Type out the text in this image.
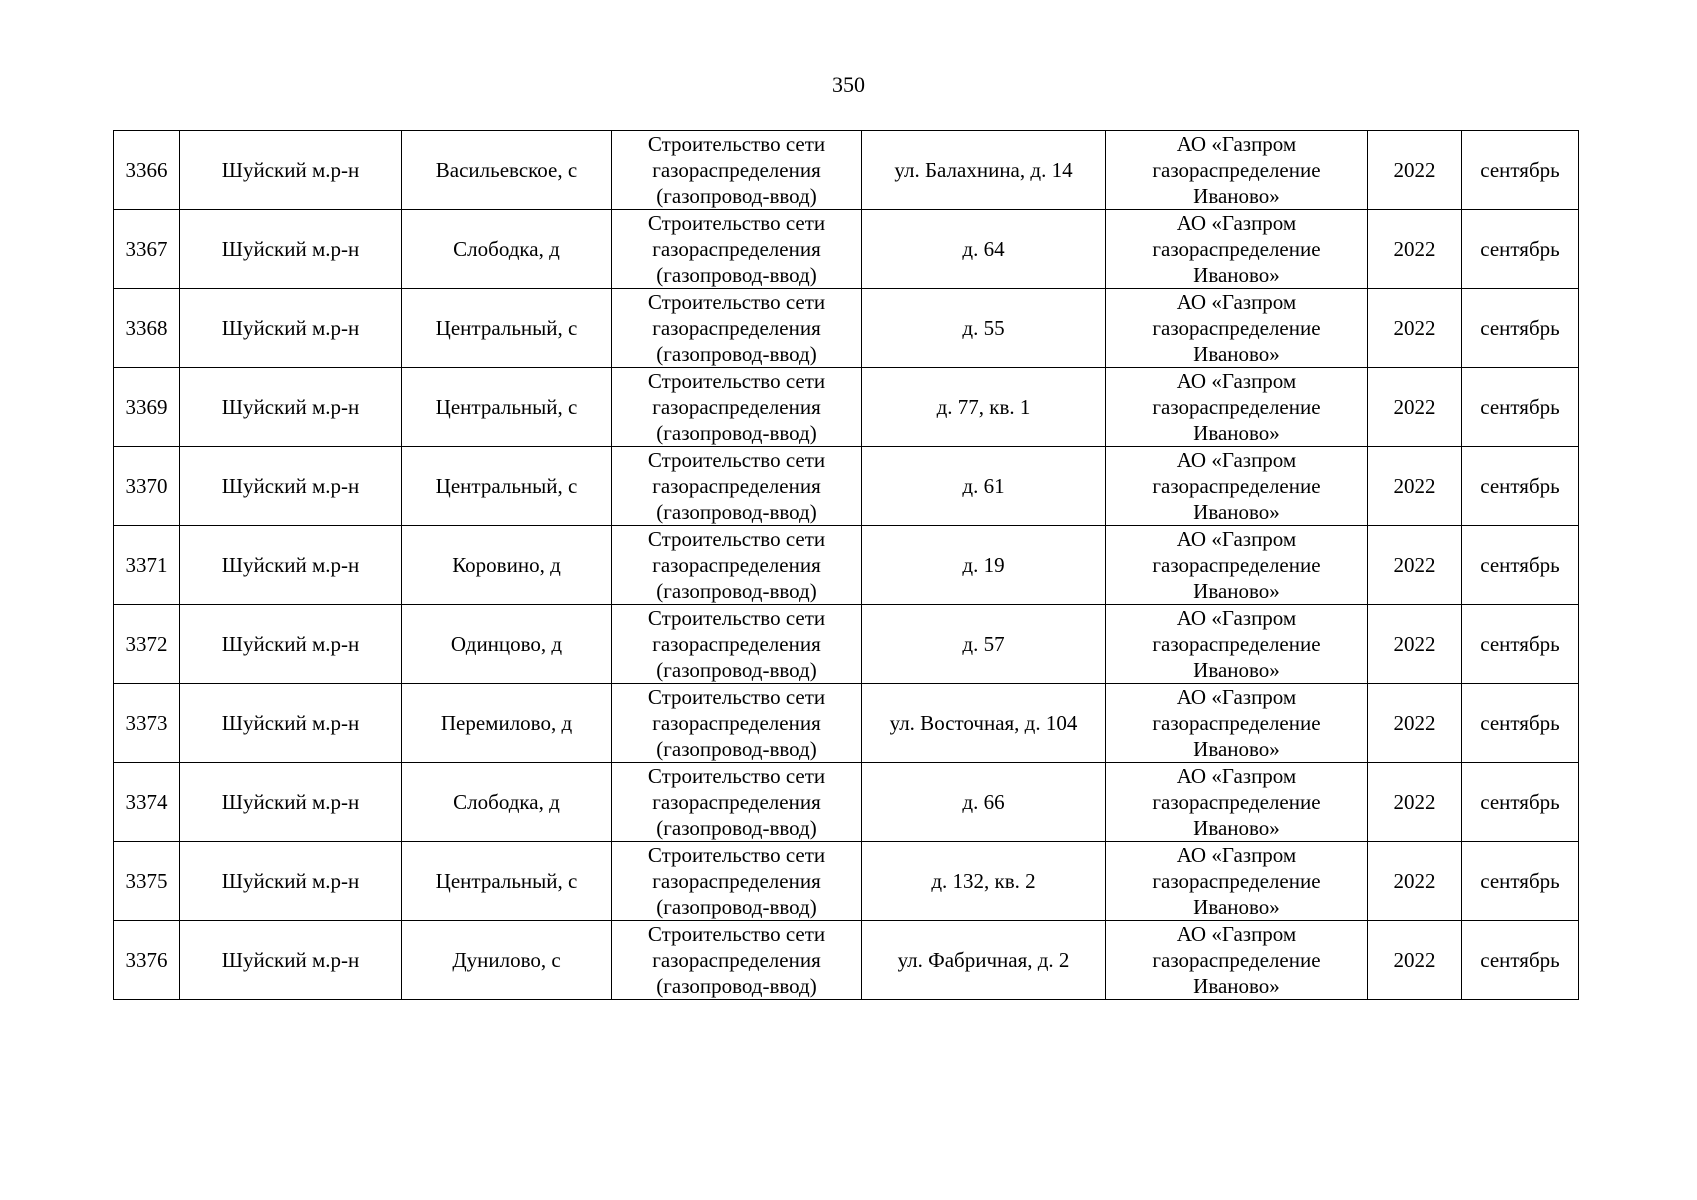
350
3366	Шуйский м.р-н	Васильевское, с	Строительство сети
газораспределения
(газопровод-ввод)	ул. Балахнина, д. 14	АО «Газпром
газораспределение
Иваново»	2022	сентябрь
3367	Шуйский м.р-н	Слободка, д	Строительство сети
газораспределения
(газопровод-ввод)	д. 64	АО «Газпром
газораспределение
Иваново»	2022	сентябрь
3368	Шуйский м.р-н	Центральный, с	Строительство сети
газораспределения
(газопровод-ввод)	д. 55	АО «Газпром
газораспределение
Иваново»	2022	сентябрь
3369	Шуйский м.р-н	Центральный, с	Строительство сети
газораспределения
(газопровод-ввод)	д. 77, кв. 1	АО «Газпром
газораспределение
Иваново»	2022	сентябрь
3370	Шуйский м.р-н	Центральный, с	Строительство сети
газораспределения
(газопровод-ввод)	д. 61	АО «Газпром
газораспределение
Иваново»	2022	сентябрь
3371	Шуйский м.р-н	Коровино, д	Строительство сети
газораспределения
(газопровод-ввод)	д. 19	АО «Газпром
газораспределение
Иваново»	2022	сентябрь
3372	Шуйский м.р-н	Одинцово, д	Строительство сети
газораспределения
(газопровод-ввод)	д. 57	АО «Газпром
газораспределение
Иваново»	2022	сентябрь
3373	Шуйский м.р-н	Перемилово, д	Строительство сети
газораспределения
(газопровод-ввод)	ул. Восточная, д. 104	АО «Газпром
газораспределение
Иваново»	2022	сентябрь
3374	Шуйский м.р-н	Слободка, д	Строительство сети
газораспределения
(газопровод-ввод)	д. 66	АО «Газпром
газораспределение
Иваново»	2022	сентябрь
3375	Шуйский м.р-н	Центральный, с	Строительство сети
газораспределения
(газопровод-ввод)	д. 132, кв. 2	АО «Газпром
газораспределение
Иваново»	2022	сентябрь
3376	Шуйский м.р-н	Дунилово, с	Строительство сети
газораспределения
(газопровод-ввод)	ул. Фабричная, д. 2	АО «Газпром
газораспределение
Иваново»	2022	сентябрь
